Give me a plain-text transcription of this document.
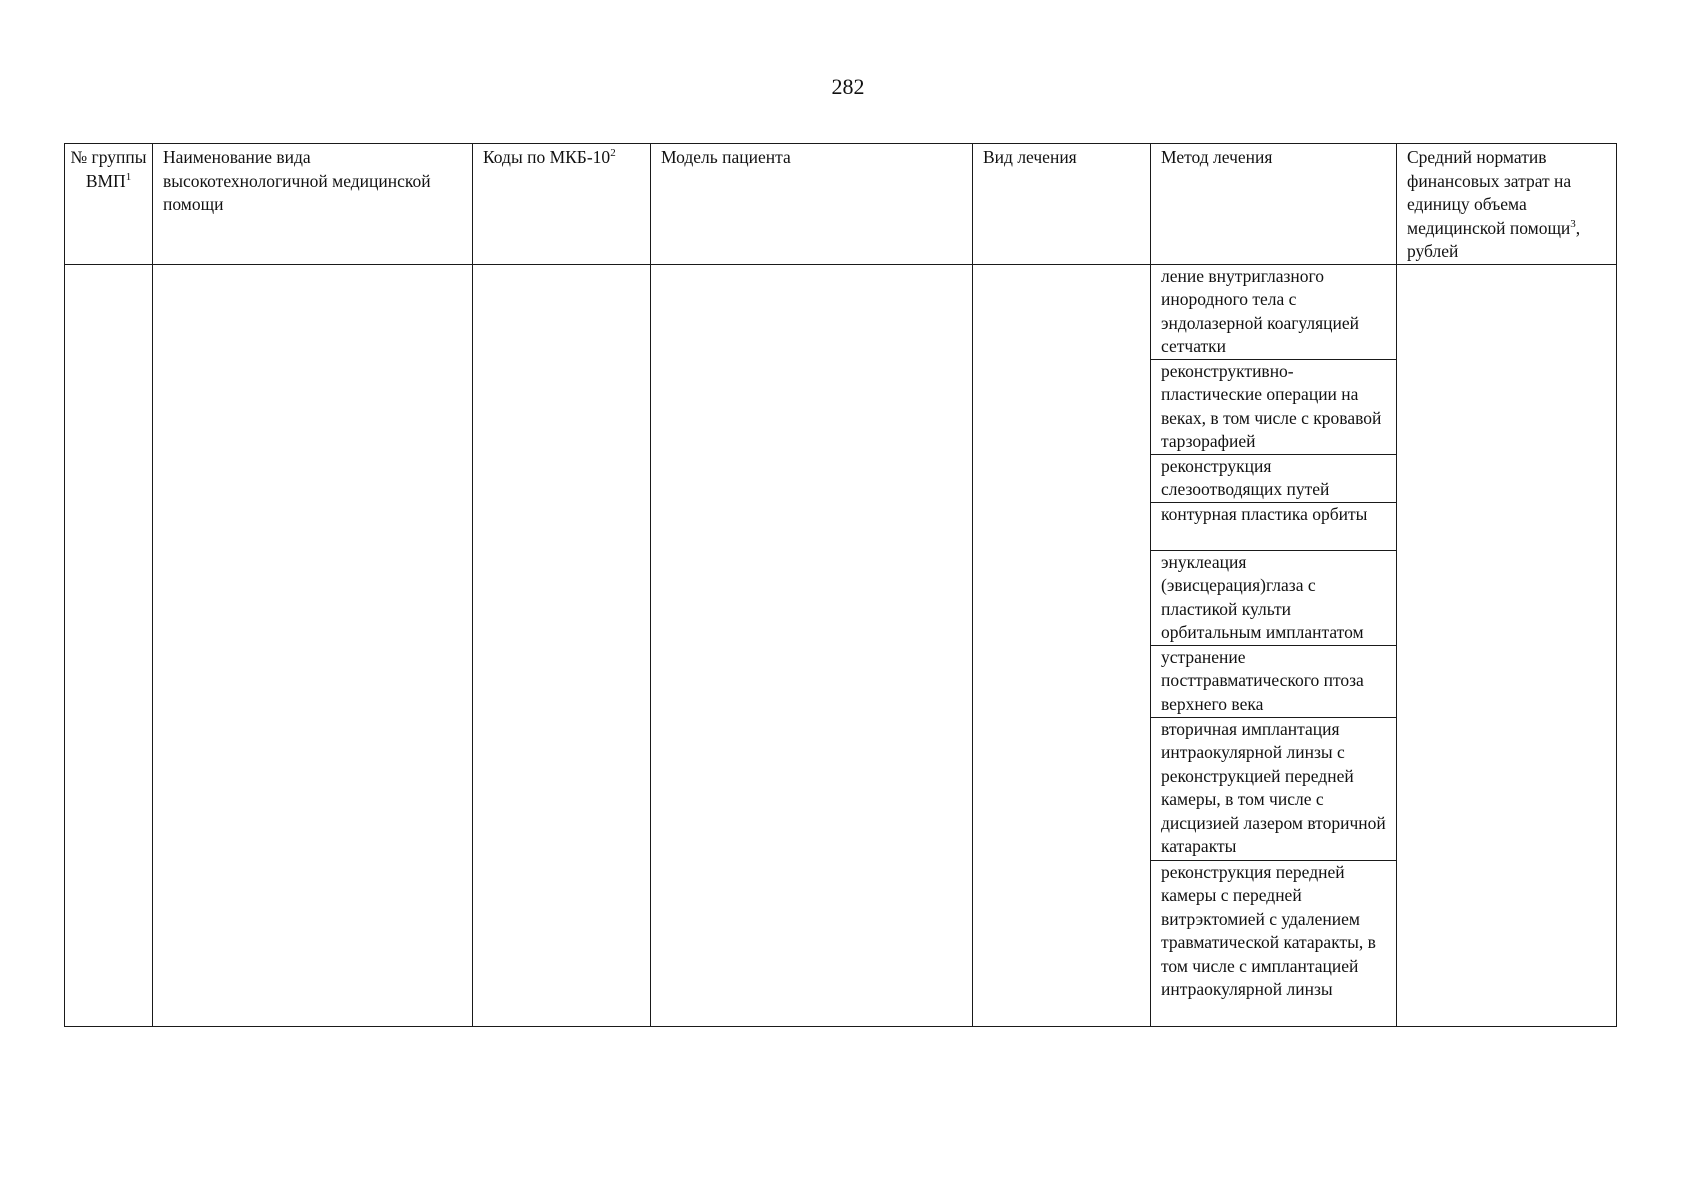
282
№ группы ВМП$^1$	Наименование вида высокотехнологичной медицинской помощи	Коды по МКБ-$10^2$	Модель пациента	Вид лечения	Метод лечения	Средний норматив финансовых затрат на единицу объема медицинской помощи$^3$, рублей
					ление внутриглазного инородного тела с эндолазерной коагуляцией сетчатки	
					реконструктивно-пластические операции на веках, в том числе с кровавой тарзорафией	
					реконструкция слезоотводящих путей	
					контурная пластика орбиты	
					энуклеация (эвисцерация)глаза с пластикой культи орбитальным имплантатом	
					устранение посттравматического птоза верхнего века	
					вторичная имплантация интраокулярной линзы с реконструкцией передней камеры, в том числе с дисцизией лазером вторичной катаракты	
					реконструкция передней камеры с передней витрэктомией с удалением травматической катаракты, в том числе с имплантацией интраокулярной линзы	
